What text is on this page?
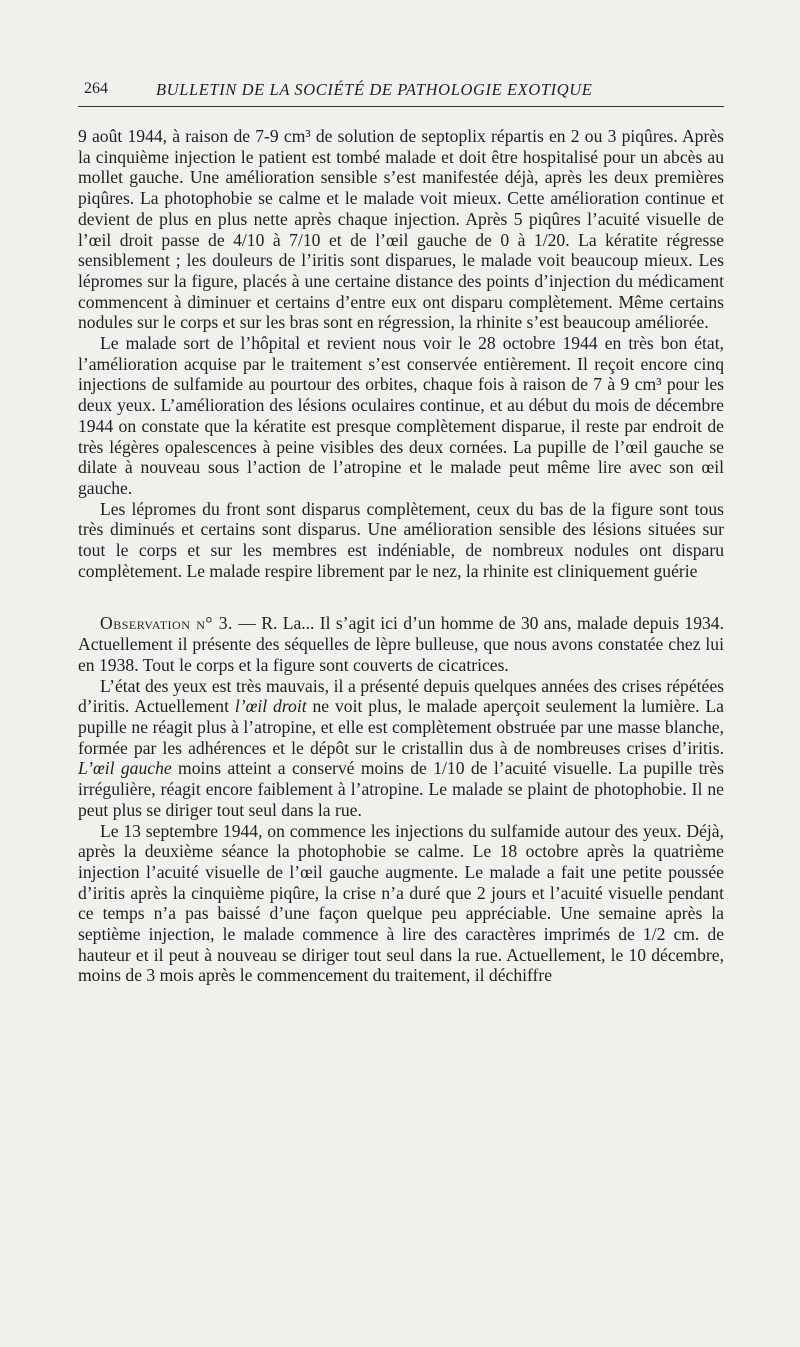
264	BULLETIN DE LA SOCIÉTÉ DE PATHOLOGIE EXOTIQUE

9 août 1944, à raison de 7-9 cm³ de solution de septoplix répartis en 2 ou 3 piqûres. Après la cinquième injection le patient est tombé malade et doit être hospitalisé pour un abcès au mollet gauche. Une amélioration sensible s’est manifestée déjà, après les deux premières piqûres. La photophobie se calme et le malade voit mieux. Cette amélioration continue et devient de plus en plus nette après chaque injection. Après 5 piqûres l’acuité visuelle de l’œil droit passe de 4/10 à 7/10 et de l’œil gauche de 0 à 1/20. La kératite régresse sensiblement ; les douleurs de l’iritis sont disparues, le malade voit beaucoup mieux. Les lépromes sur la figure, placés à une certaine distance des points d’injection du médicament commencent à diminuer et certains d’entre eux ont disparu complètement. Même certains nodules sur le corps et sur les bras sont en régression, la rhinite s’est beaucoup améliorée.

Le malade sort de l’hôpital et revient nous voir le 28 octobre 1944 en très bon état, l’amélioration acquise par le traitement s’est conservée entièrement. Il reçoit encore cinq injections de sulfamide au pourtour des orbites, chaque fois à raison de 7 à 9 cm³ pour les deux yeux. L’amélioration des lésions oculaires continue, et au début du mois de décembre 1944 on constate que la kératite est presque complètement disparue, il reste par endroit de très légères opalescences à peine visibles des deux cornées. La pupille de l’œil gauche se dilate à nouveau sous l’action de l’atropine et le malade peut même lire avec son œil gauche.

Les lépromes du front sont disparus complètement, ceux du bas de la figure sont tous très diminués et certains sont disparus. Une amélioration sensible des lésions situées sur tout le corps et sur les membres est indéniable, de nombreux nodules ont disparu complètement. Le malade respire librement par le nez, la rhinite est cliniquement guérie

Observation n° 3. — R. La... Il s’agit ici d’un homme de 30 ans, malade depuis 1934. Actuellement il présente des séquelles de lèpre bulleuse, que nous avons constatée chez lui en 1938. Tout le corps et la figure sont couverts de cicatrices.

L’état des yeux est très mauvais, il a présenté depuis quelques années des crises répétées d’iritis. Actuellement l’œil droit ne voit plus, le malade aperçoit seulement la lumière. La pupille ne réagit plus à l’atropine, et elle est complètement obstruée par une masse blanche, formée par les adhérences et le dépôt sur le cristallin dus à de nombreuses crises d’iritis. L’œil gauche moins atteint a conservé moins de 1/10 de l’acuité visuelle. La pupille très irrégulière, réagit encore faiblement à l’atropine. Le malade se plaint de photophobie. Il ne peut plus se diriger tout seul dans la rue.

Le 13 septembre 1944, on commence les injections du sulfamide autour des yeux. Déjà, après la deuxième séance la photophobie se calme. Le 18 octobre après la quatrième injection l’acuité visuelle de l’œil gauche augmente. Le malade a fait une petite poussée d’iritis après la cinquième piqûre, la crise n’a duré que 2 jours et l’acuité visuelle pendant ce temps n’a pas baissé d’une façon quelque peu appréciable. Une semaine après la septième injection, le malade commence à lire des caractères imprimés de 1/2 cm. de hauteur et il peut à nouveau se diriger tout seul dans la rue. Actuellement, le 10 décembre, moins de 3 mois après le commencement du traitement, il déchiffre
